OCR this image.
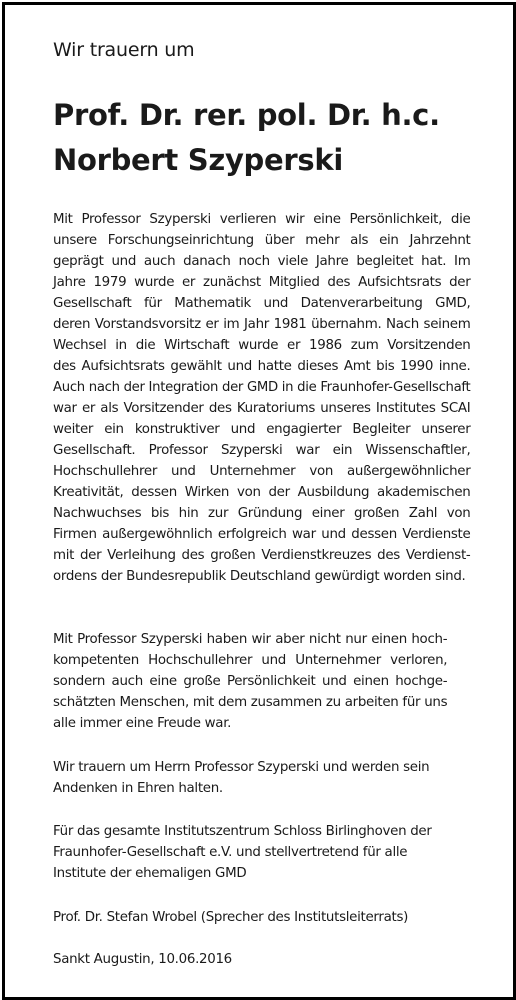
Wir trauern um
Prof. Dr. rer. pol. Dr. h.c.
Norbert Szyperski

Mit Professor Szyperski verlieren wir eine Persönlichkeit, die
unsere Forschungseinrichtung über mehr als ein Jahrzehnt
geprägt und auch danach noch viele Jahre begleitet hat. Im
Jahre 1979 wurde er zunächst Mitglied des Aufsichtsrats der
Gesellschaft für Mathematik und Datenverarbeitung GMD,
deren Vorstandsvorsitz er im Jahr 1981 übernahm. Nach seinem
Wechsel in die Wirtschaft wurde er 1986 zum Vorsitzenden
des Aufsichtsrats gewählt und hatte dieses Amt bis 1990 inne.
Auch nach der Integration der GMD in die Fraunhofer-Gesellschaft
war er als Vorsitzender des Kuratoriums unseres Institutes SCAI
weiter ein konstruktiver und engagierter Begleiter unserer
Gesellschaft. Professor Szyperski war ein Wissenschaftler,
Hochschullehrer und Unternehmer von außergewöhnlicher
Kreativität, dessen Wirken von der Ausbildung akademischen
Nachwuchses bis hin zur Gründung einer großen Zahl von
Firmen außergewöhnlich erfolgreich war und dessen Verdienste
mit der Verleihung des großen Verdienstkreuzes des Verdienst-
ordens der Bundesrepublik Deutschland gewürdigt worden sind.

Mit Professor Szyperski haben wir aber nicht nur einen hoch-
kompetenten Hochschullehrer und Unternehmer verloren,
sondern auch eine große Persönlichkeit und einen hochge-
schätzten Menschen, mit dem zusammen zu arbeiten für uns
alle immer eine Freude war.

Wir trauern um Herrn Professor Szyperski und werden sein
Andenken in Ehren halten.

Für das gesamte Institutszentrum Schloss Birlinghoven der
Fraunhofer-Gesellschaft e.V. und stellvertretend für alle
Institute der ehemaligen GMD

Prof. Dr. Stefan Wrobel (Sprecher des Institutsleiterrats)

Sankt Augustin, 10.06.2016
